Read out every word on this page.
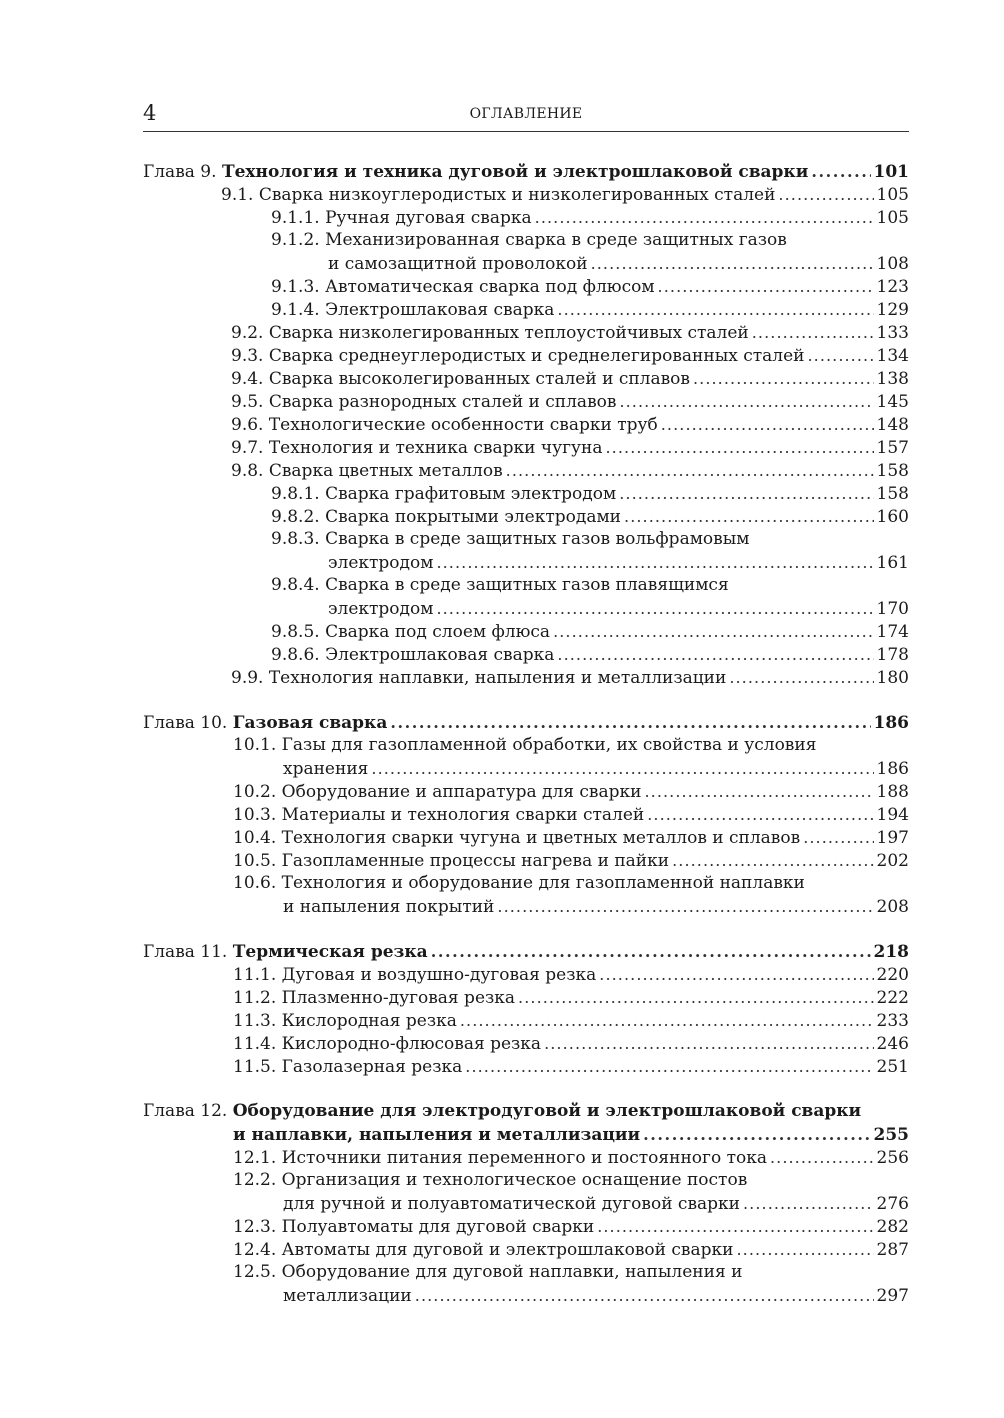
4	ОГЛАВЛЕНИЕ
Глава 9.
Технология и техника дуговой и электрошлаковой сварки . . .	101
9.1. Сварка низкоуглеродистых и низколегированных сталей . . .	105
9.1.1. Ручная дуговая сварка . . .	105
9.1.2. Механизированная сварка в среде защитных газов
и самозащитной проволокой . . .	108
9.1.3. Автоматическая сварка под флюсом . . .	123
9.1.4. Электрошлаковая сварка . . .	129
9.2. Сварка низколегированных теплоустойчивых сталей . . .	133
9.3. Сварка среднеуглеродистых и среднелегированных сталей . . .	134
9.4. Сварка высоколегированных сталей и сплавов . . .	138
9.5. Сварка разнородных сталей и сплавов . . .	145
9.6. Технологические особенности сварки труб . . .	148
9.7. Технология и техника сварки чугуна . . .	157
9.8. Сварка цветных металлов . . .	158
9.8.1. Сварка графитовым электродом . . .	158
9.8.2. Сварка покрытыми электродами . . .	160
9.8.3. Сварка в среде защитных газов вольфрамовым
электродом . . .	161
9.8.4. Сварка в среде защитных газов плавящимся
электродом . . .	170
9.8.5. Сварка под слоем флюса . . .	174
9.8.6. Электрошлаковая сварка . . .	178
9.9. Технология наплавки, напыления и металлизации . . .	180
Глава 10.
Газовая сварка . . .	186
10.1. Газы для газопламенной обработки, их свойства и условия
хранения . . .	186
10.2. Оборудование и аппаратура для сварки . . .	188
10.3. Материалы и технология сварки сталей . . .	194
10.4. Технология сварки чугуна и цветных металлов и сплавов . . .	197
10.5. Газопламенные процессы нагрева и пайки . . .	202
10.6. Технология и оборудование для газопламенной наплавки
и напыления покрытий . . .	208
Глава 11.
Термическая резка . . .	218
11.1. Дуговая и воздушно-дуговая резка . . .	220
11.2. Плазменно-дуговая резка . . .	222
11.3. Кислородная резка . . .	233
11.4. Кислородно-флюсовая резка . . .	246
11.5. Газолазерная резка . . .	251
Глава 12.
Оборудование для электродуговой и электрошлаковой сварки
и наплавки, напыления и металлизации . . .	255
12.1. Источники питания переменного и постоянного тока . . .	256
12.2. Организация и технологическое оснащение постов
для ручной и полуавтоматической дуговой сварки . . .	276
12.3. Полуавтоматы для дуговой сварки . . .	282
12.4. Автоматы для дуговой и электрошлаковой сварки . . .	287
12.5. Оборудование для дуговой наплавки, напыления и
металлизации . . .	297
